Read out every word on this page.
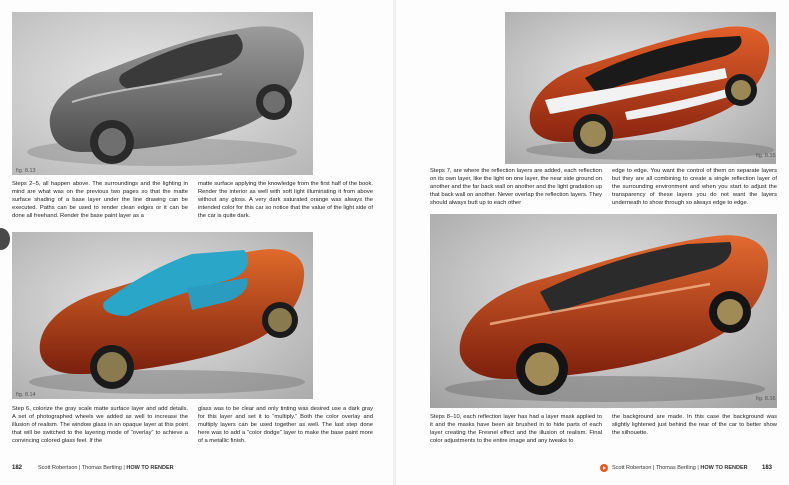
fig. 8.13

Steps 2–5, all happen above. The surroundings and the lighting in mind are what was on the previous two pages so that the matte surface shading of a base layer under the line drawing can be executed. Paths can be used to render clean edges or it can be done all freehand. Render the base paint layer as a

matte surface applying the knowledge from the first half of the book. Render the interior as well with soft light illuminating it from above without any gloss. A very dark saturated orange was always the intended color for this car so notice that the value of the light side of the car is quite dark.

fig. 8.14

Step 6, colorize the gray scale matte surface layer and add details. A set of photographed wheels we added as well to increase the illusion of realism. The window glass in an opaque layer at this point that will be switched to the layering mode of “overlay” to achieve a convincing colored glass feel. If the

glass was to be clear and only tinting was desired use a dark gray for this layer and set it to “multiply.” Both the color overlay and multiply layers can be used together as well. The last step done here was to add a “color dodge” layer to make the base paint more of a metallic finish.

182	Scott Robertson | Thomas Bertling | HOW TO RENDER
fig. 8.15

Steps 7, are where the reflection layers are added, each reflection on its own layer, like the light on one layer, the near side ground on another and the far back wall on another and the light gradation up that back wall on another. Never overlap the reflection layers. They should always butt up to each other

edge to edge. You want the control of them on separate layers but they are all combining to create a single reflection layer of the surrounding environment and when you start to adjust the transparency of these layers you do not want the layers underneath to show through so always edge to edge.

fig. 8.16

Steps 8–10, each reflection layer has had a layer mask applied to it and the masks have been air brushed in to hide parts of each layer creating the Fresnel effect and the illusion of realism. Final color adjustments to the entire image and any tweaks to

the background are made. In this case the background was slightly lightened just behind the rear of the car to better show the silhouette.

Scott Robertson | Thomas Bertling | HOW TO RENDER 183
